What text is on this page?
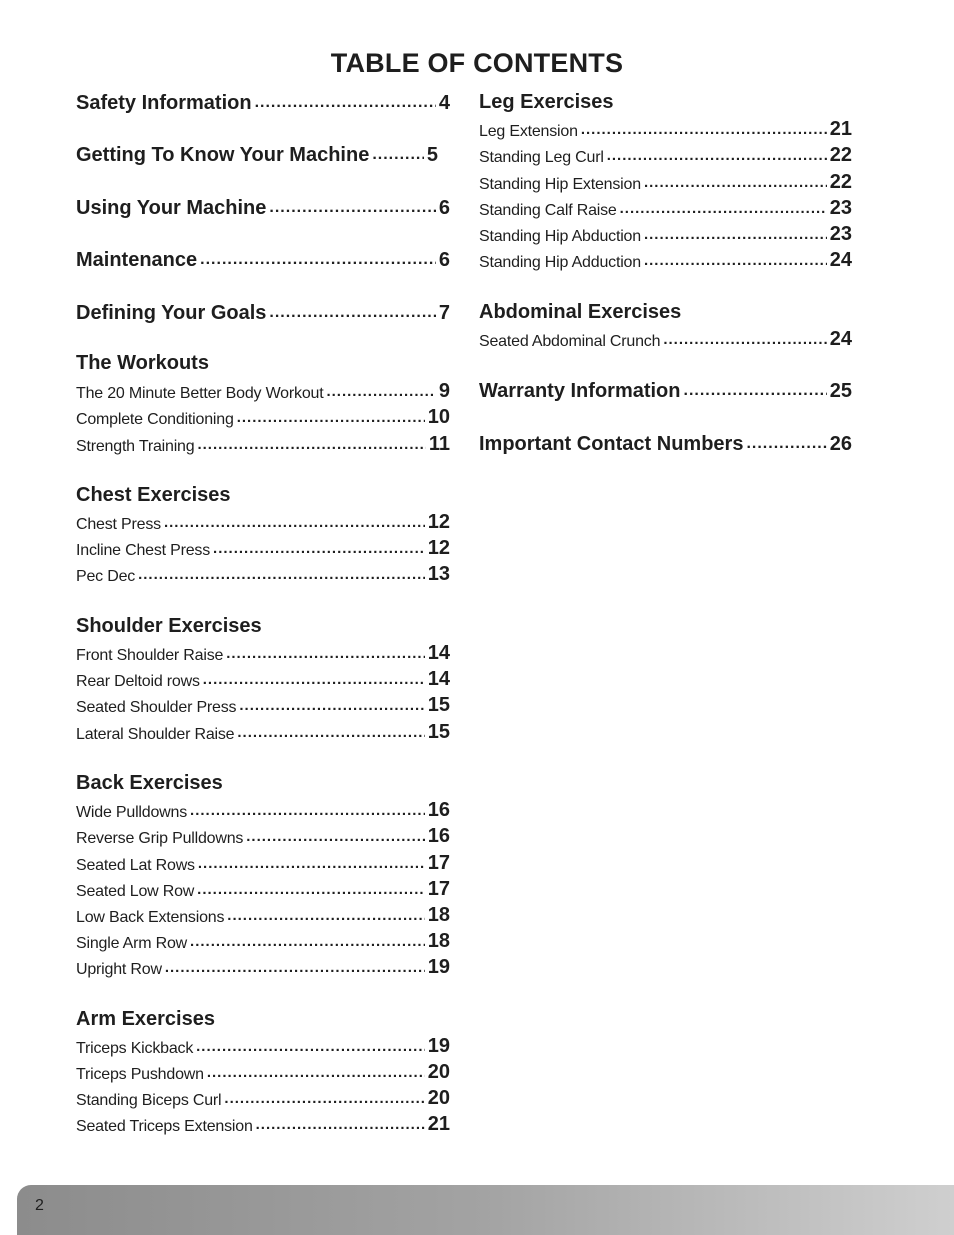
TABLE OF CONTENTS
Safety Information .....	4
Getting To Know Your Machine .....	5
Using Your Machine .....	6
Maintenance .....	6
Defining Your Goals .....	7
The Workouts
The 20 Minute Better Body Workout .....	9
Complete Conditioning .....	10
Strength Training .....	11
Chest Exercises
Chest Press .....	12
Incline Chest Press .....	12
Pec Dec .....	13
Shoulder Exercises
Front Shoulder Raise .....	14
Rear Deltoid rows .....	14
Seated Shoulder Press .....	15
Lateral Shoulder Raise .....	15
Back Exercises
Wide Pulldowns .....	16
Reverse Grip Pulldowns .....	16
Seated Lat Rows .....	17
Seated Low Row .....	17
Low Back Extensions .....	18
Single Arm Row .....	18
Upright Row .....	19
Arm Exercises
Triceps Kickback .....	19
Triceps Pushdown .....	20
Standing Biceps Curl .....	20
Seated Triceps Extension .....	21
Leg Exercises
Leg Extension .....	21
Standing Leg Curl .....	22
Standing Hip Extension .....	22
Standing Calf Raise .....	23
Standing Hip Abduction .....	23
Standing Hip Adduction .....	24
Abdominal Exercises
Seated Abdominal Crunch .....	24
Warranty Information .....	25
Important Contact Numbers .....	26
2
